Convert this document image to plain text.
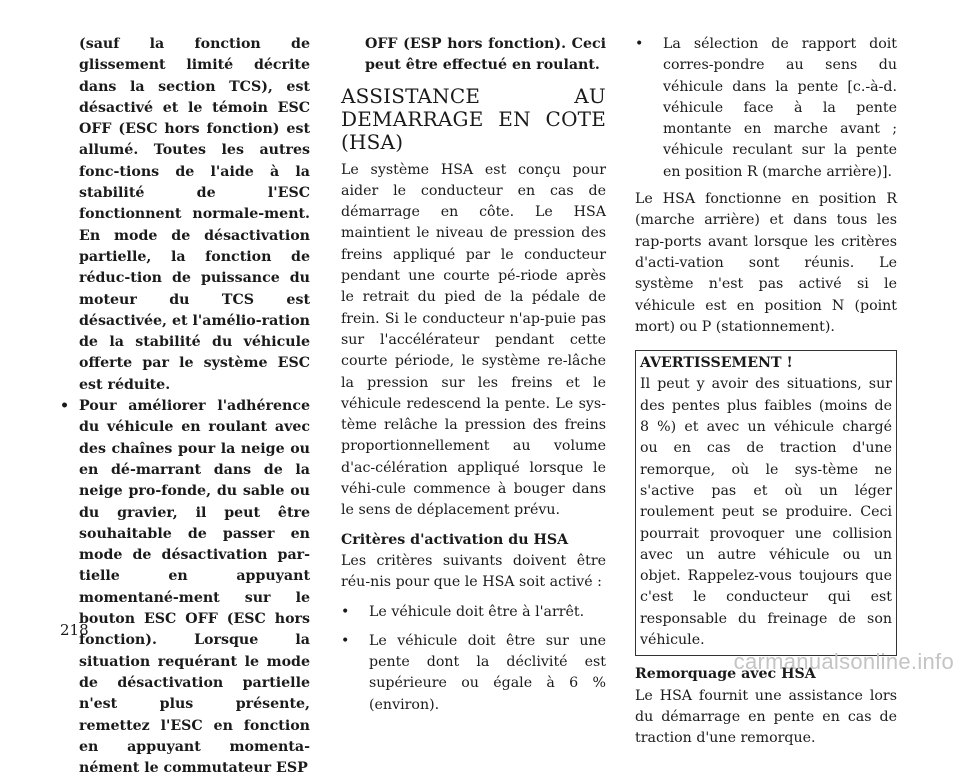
(sauf la fonction de glissement limité décrite dans la section TCS), est désactivé et le témoin ESC OFF (ESC hors fonction) est allumé. Toutes les autres fonc-tions de l'aide à la stabilité de l'ESC fonctionnent normale-ment. En mode de désactivation partielle, la fonction de réduc-tion de puissance du moteur du TCS est désactivée, et l'amélio-ration de la stabilité du véhicule offerte par le système ESC est réduite.

• Pour améliorer l'adhérence du véhicule en roulant avec des chaînes pour la neige ou en dé-marrant dans de la neige pro-fonde, du sable ou du gravier, il peut être souhaitable de passer en mode de désactivation par-tielle en appuyant momentané-ment sur le bouton ESC OFF (ESC hors fonction). Lorsque la situation requérant le mode de désactivation partielle n'est plus présente, remettez l'ESC en fonction en appuyant momenta-nément le commutateur ESP

OFF (ESP hors fonction). Ceci peut être effectué en roulant.

ASSISTANCE AU DEMARRAGE EN COTE (HSA)

Le système HSA est conçu pour aider le conducteur en cas de démarrage en côte. Le HSA maintient le niveau de pression des freins appliqué par le conducteur pendant une courte pé-riode après le retrait du pied de la pédale de frein. Si le conducteur n'ap-puie pas sur l'accélérateur pendant cette courte période, le système re-lâche la pression sur les freins et le véhicule redescend la pente. Le sys-tème relâche la pression des freins proportionnellement au volume d'ac-célération appliqué lorsque le véhi-cule commence à bouger dans le sens de déplacement prévu.

Critères d'activation du HSA

Les critères suivants doivent être réu-nis pour que le HSA soit activé :

• Le véhicule doit être à l'arrêt.
• Le véhicule doit être sur une pente dont la déclivité est supérieure ou égale à 6 % (environ).
• La sélection de rapport doit corres-pondre au sens du véhicule dans la pente [c.-à-d. véhicule face à la pente montante en marche avant ; véhicule reculant sur la pente en position R (marche arrière)].

Le HSA fonctionne en position R (marche arrière) et dans tous les rap-ports avant lorsque les critères d'acti-vation sont réunis. Le système n'est pas activé si le véhicule est en position N (point mort) ou P (stationnement).

AVERTISSEMENT !
Il peut y avoir des situations, sur des pentes plus faibles (moins de 8 %) et avec un véhicule chargé ou en cas de traction d'une remorque, où le sys-tème ne s'active pas et où un léger roulement peut se produire. Ceci pourrait provoquer une collision avec un autre véhicule ou un objet. Rappelez-vous toujours que c'est le conducteur qui est responsable du freinage de son véhicule.

Remorquage avec HSA

Le HSA fournit une assistance lors du démarrage en pente en cas de traction d'une remorque.

218
carmanualsonline.info
